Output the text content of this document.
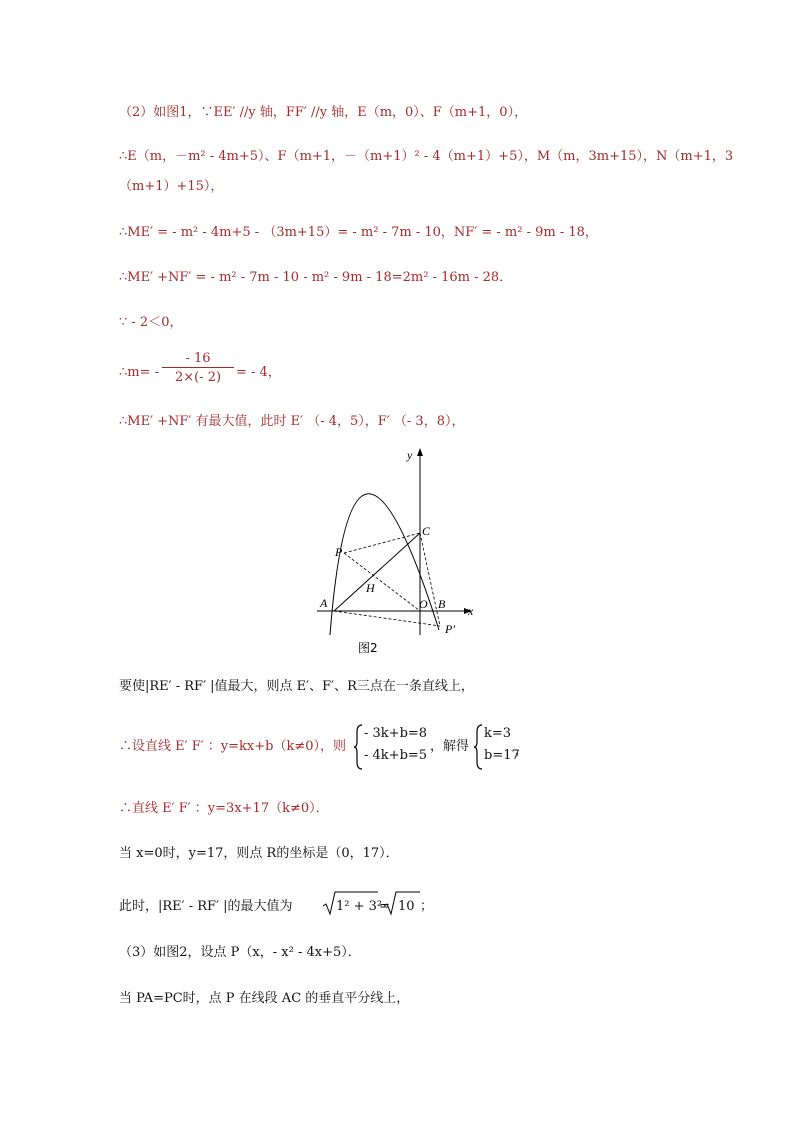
（2）如图1，∵EE′ //y 轴，FF′ //y 轴，E（m，0）、F（m+1，0），
∴E（m，－m² - 4m+5）、F（m+1，－（m+1）² - 4（m+1）+5），M（m，3m+15），N（m+1，3
（m+1）+15），
∴ME′ = - m² - 4m+5 - （3m+15）= - m² - 7m - 10，NF′ = - m² - 9m - 18，
∴ME′ +NF′ = - m² - 7m - 10 - m² - 9m - 18=2m² - 16m - 28．
∵ - 2＜0，
∴m= - $\frac{- 16}{2\times(- 2)}$ = - 4，
∴ME′ +NF′ 有最大值，此时 E′ （- 4，5），F′ （- 3，8），
y
x
C
P
H
A	O B
P′
图2
要使|RE′ - RF′ |值最大，则点 E′、F′、R三点在一条直线上，
∴设直线 E′ F′ ：y=kx+b（k≠0），则
- 3k+b=8
- 4k+b=5
，解得
k=3
b=17
，
∴直线 E′ F′ ：y=3x+17（k≠0）．
当 x=0时，y=17，则点 R的坐标是（0，17）．
此时，|RE′ - RF′ |的最大值为	1² + 3²
= 10 ；
（3）如图2，设点 P（x，- x² - 4x+5）．
当 PA=PC时，点 P 在线段 AC 的垂直平分线上，
